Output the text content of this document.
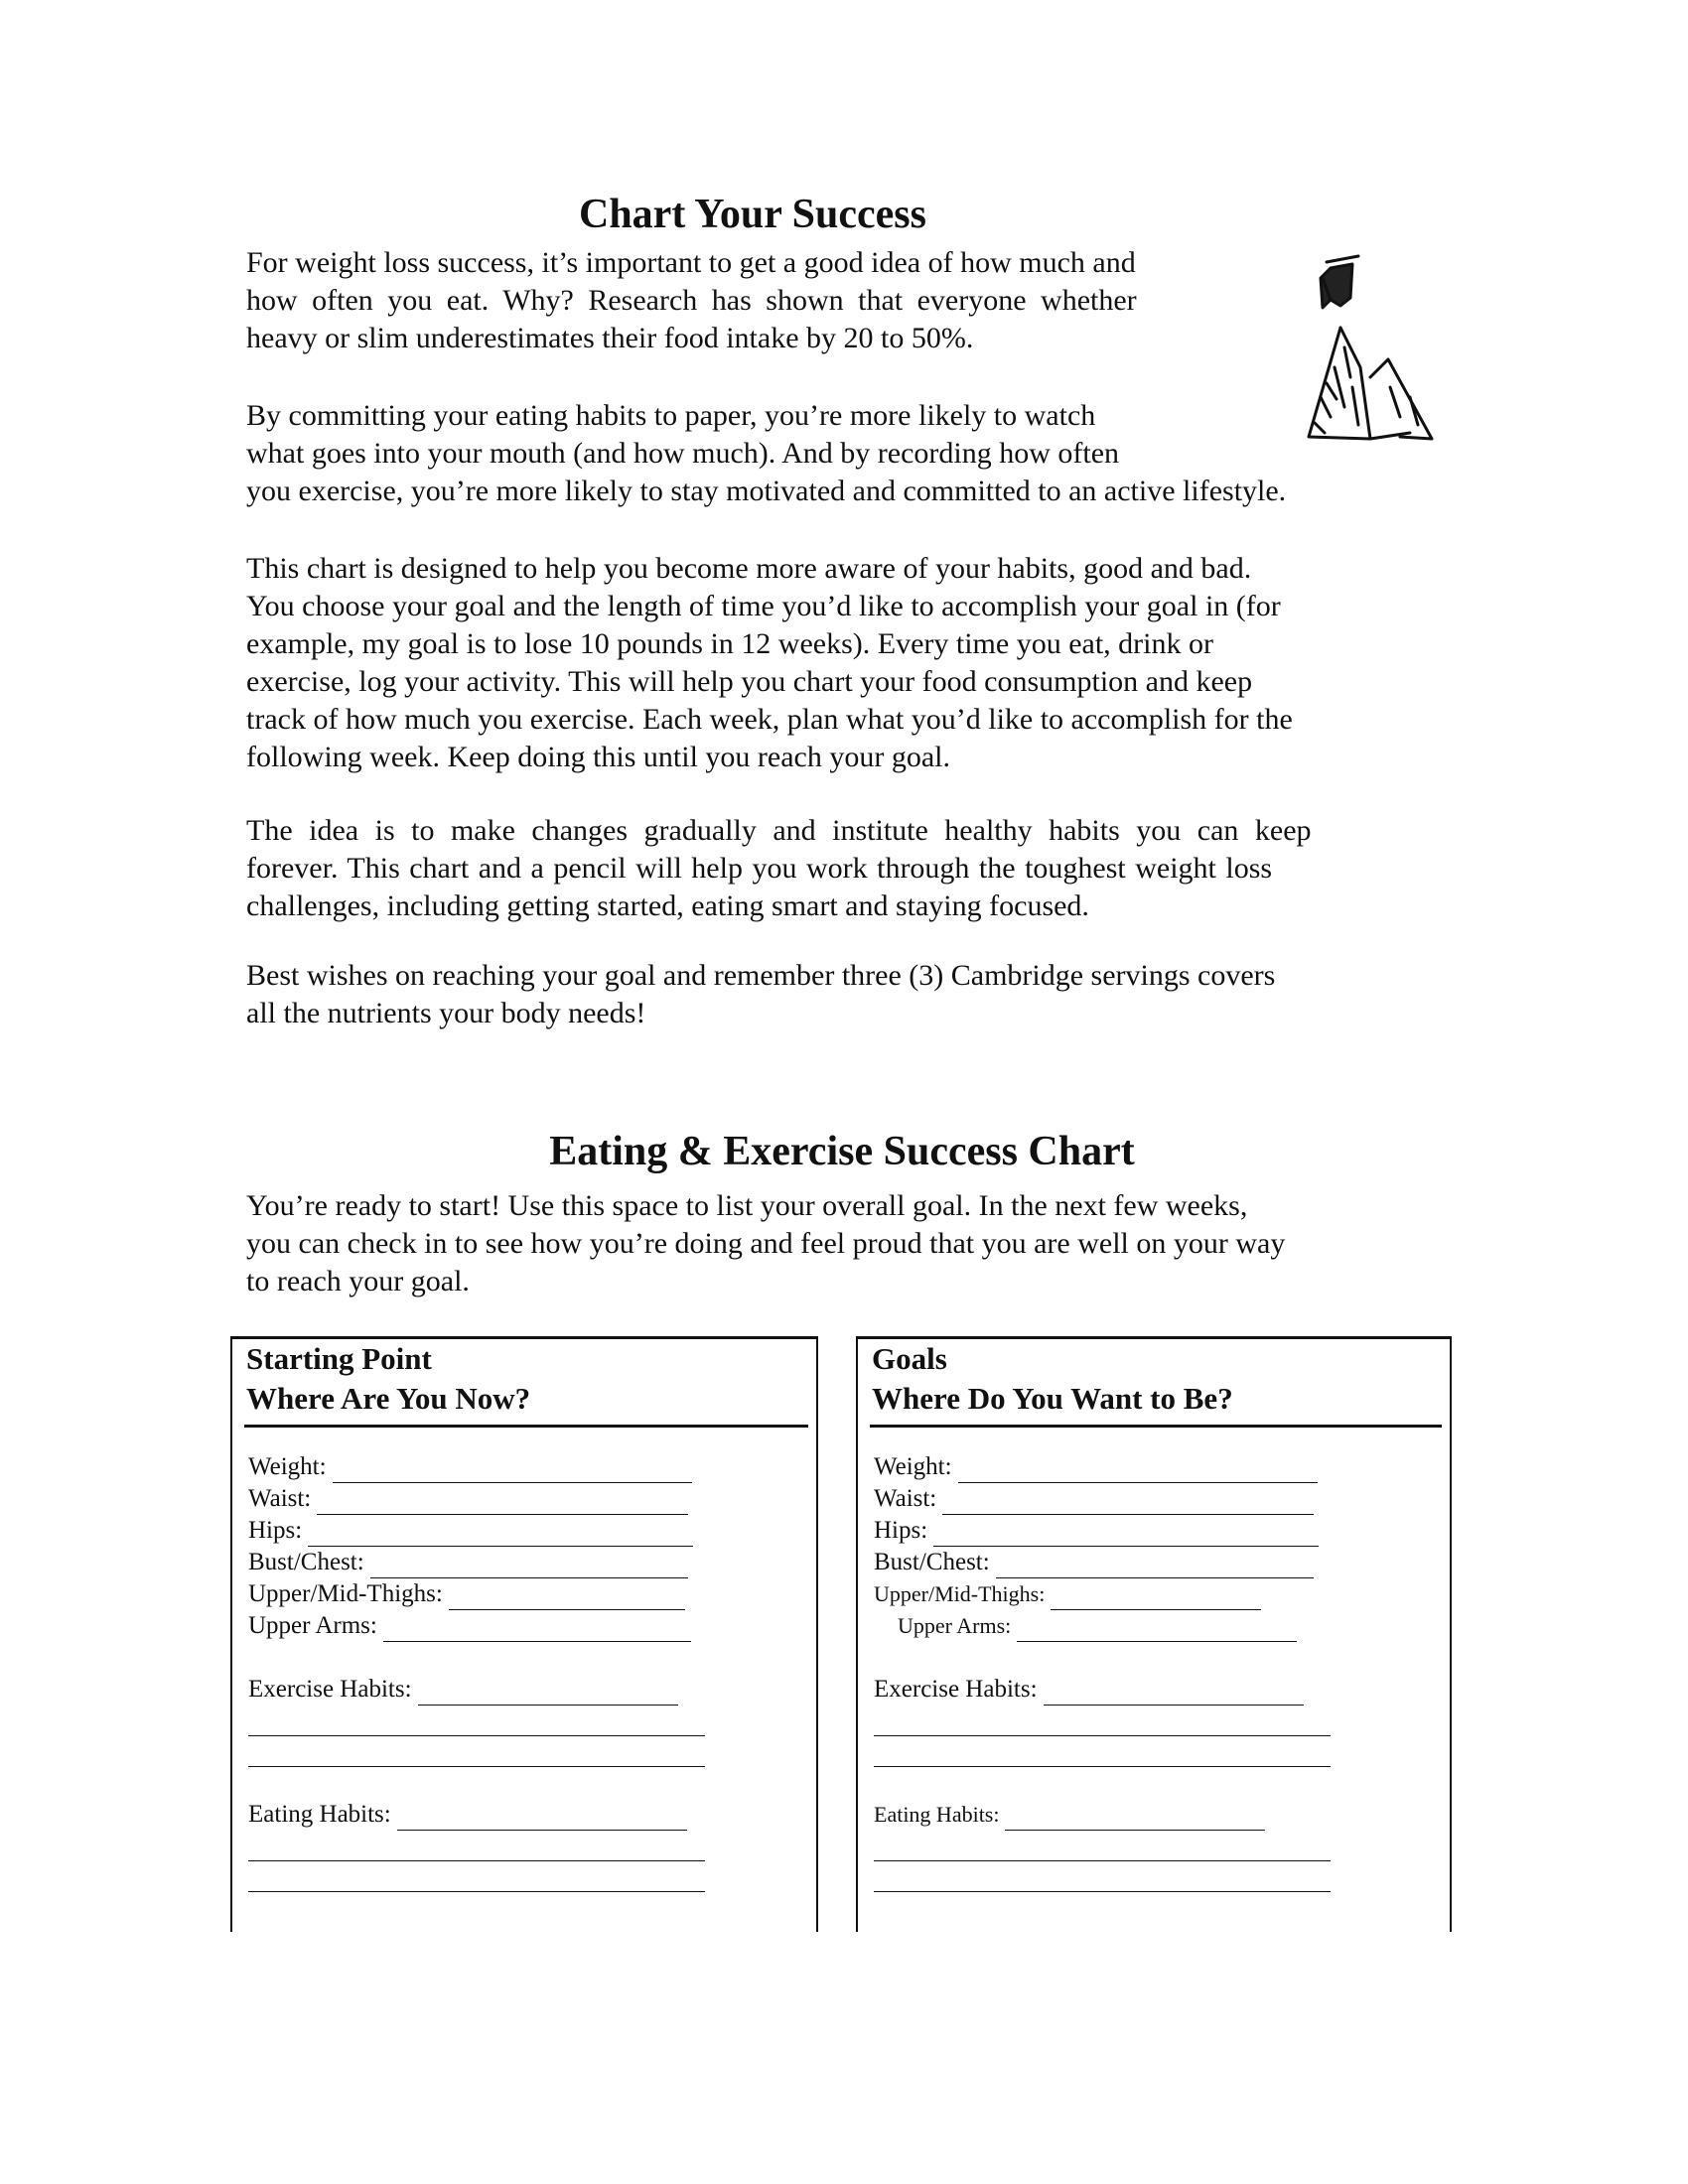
Chart Your Success
For weight loss success, it’s important to get a good idea of how much and
how often you eat. Why? Research has shown that everyone whether
heavy or slim underestimates their food intake by 20 to 50%.
By committing your eating habits to paper, you’re more likely to watch
what goes into your mouth (and how much). And by recording how often
you exercise, you’re more likely to stay motivated and committed to an active lifestyle.
This chart is designed to help you become more aware of your habits, good and bad.
You choose your goal and the length of time you’d like to accomplish your goal in (for
example, my goal is to lose 10 pounds in 12 weeks). Every time you eat, drink or
exercise, log your activity. This will help you chart your food consumption and keep
track of how much you exercise. Each week, plan what you’d like to accomplish for the
following week. Keep doing this until you reach your goal.
The idea is to make changes gradually and institute healthy habits you can keep
forever. This chart and a pencil will help you work through the toughest weight loss
challenges, including getting started, eating smart and staying focused.
Best wishes on reaching your goal and remember three (3) Cambridge servings covers
all the nutrients your body needs!
Eating & Exercise Success Chart
You’re ready to start! Use this space to list your overall goal. In the next few weeks,
you can check in to see how you’re doing and feel proud that you are well on your way
to reach your goal.
Starting Point
Where Are You Now?
Weight:
Waist:
Hips:
Bust/Chest:
Upper/Mid-Thighs:
Upper Arms:
Exercise Habits:
Eating Habits:
Goals
Where Do You Want to Be?
Weight:
Waist:
Hips:
Bust/Chest:
Upper/Mid-Thighs:
Upper Arms:
Exercise Habits:
Eating Habits:
